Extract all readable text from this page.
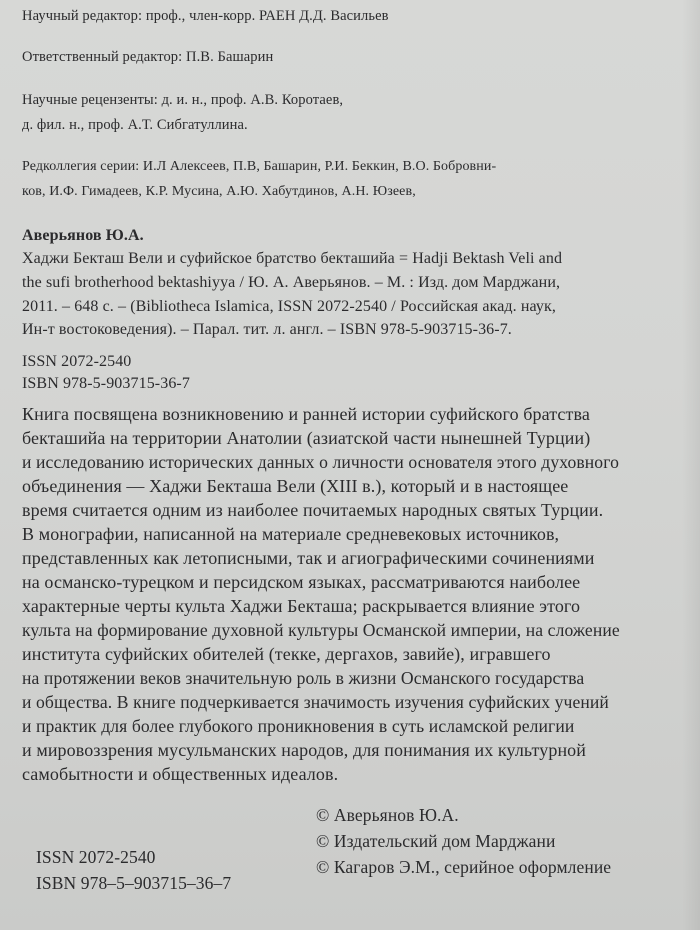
Научный редактор: проф., член-корр. РАЕН Д.Д. Васильев
Ответственный редактор: П.В. Башарин
Научные рецензенты: д. и. н., проф. А.В. Коротаев,
д. фил. н., проф. А.Т. Сибгатуллина.
Редколлегия серии: И.Л Алексеев, П.В, Башарин, Р.И. Беккин, В.О. Бобровни-
ков, И.Ф. Гимадеев, К.Р. Мусина, А.Ю. Хабутдинов, А.Н. Юзеев,
Аверьянов Ю.А.
Хаджи Бекташ Вели и суфийское братство бекташийа = Hadji Bektash Veli and
the sufi brotherhood bektashiyya / Ю. А. Аверьянов. – М. : Изд. дом Марджани,
2011. – 648 с. – (Bibliotheca Islamica, ISSN 2072-2540 / Российская акад. наук,
Ин-т востоковедения). – Парал. тит. л. англ. – ISBN 978-5-903715-36-7.
ISSN 2072-2540
ISBN 978-5-903715-36-7
Книга посвящена возникновению и ранней истории суфийского братства
бекташийа на территории Анатолии (азиатской части нынешней Турции)
и исследованию исторических данных о личности основателя этого духовного
объединения — Хаджи Бекташа Вели (XIII в.), который и в настоящее
время считается одним из наиболее почитаемых народных святых Турции.
В монографии, написанной на материале средневековых источников,
представленных как летописными, так и агиографическими сочинениями
на османско-турецком и персидском языках, рассматриваются наиболее
характерные черты культа Хаджи Бекташа; раскрывается влияние этого
культа на формирование духовной культуры Османской империи, на сложение
института суфийских обителей (текке, дергахов, завийе), игравшего
на протяжении веков значительную роль в жизни Османского государства
и общества. В книге подчеркивается значимость изучения суфийских учений
и практик для более глубокого проникновения в суть исламской религии
и мировоззрения мусульманских народов, для понимания их культурной
самобытности и общественных идеалов.
© Аверьянов Ю.А.
© Издательский дом Марджани
© Кагаров Э.М., серийное оформление
ISSN 2072-2540
ISBN 978–5–903715–36–7
